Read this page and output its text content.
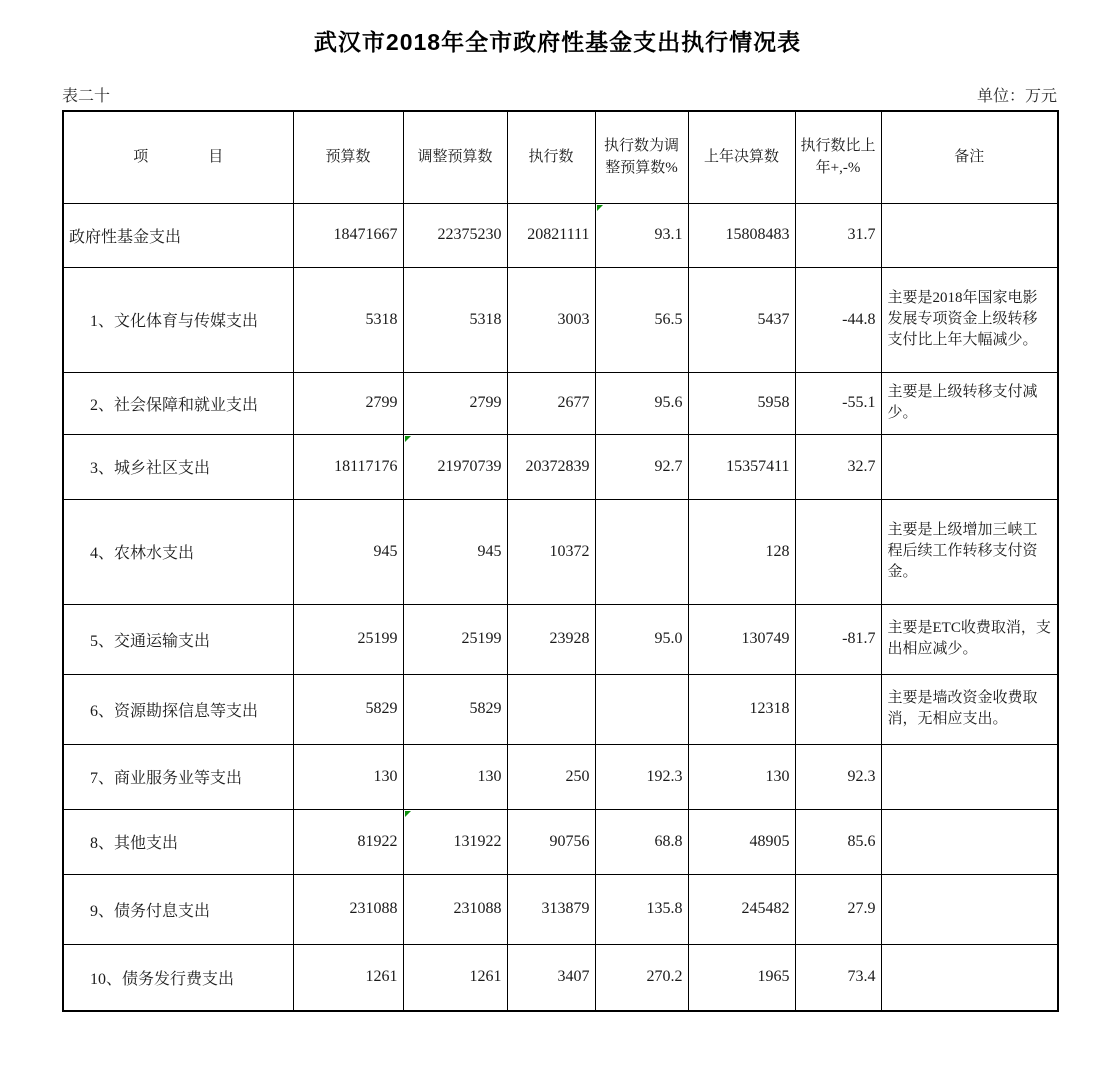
武汉市2018年全市政府性基金支出执行情况表
表二十	单位：万元
项　　　　目	预算数	调整预算数	执行数	执行数为调整预算数%	上年决算数	执行数比上年+,-%	备注
政府性基金支出	18471667	22375230	20821111	93.1	15808483	31.7	
1、文化体育与传媒支出	5318	5318	3003	56.5	5437	-44.8	主要是2018年国家电影发展专项资金上级转移支付比上年大幅减少。
2、社会保障和就业支出	2799	2799	2677	95.6	5958	-55.1	主要是上级转移支付减少。
3、城乡社区支出	18117176	21970739	20372839	92.7	15357411	32.7	
4、农林水支出	945	945	10372		128		主要是上级增加三峡工程后续工作转移支付资金。
5、交通运输支出	25199	25199	23928	95.0	130749	-81.7	主要是ETC收费取消，支出相应减少。
6、资源勘探信息等支出	5829	5829			12318		主要是墙改资金收费取消，无相应支出。
7、商业服务业等支出	130	130	250	192.3	130	92.3	
8、其他支出	81922	131922	90756	68.8	48905	85.6	
9、债务付息支出	231088	231088	313879	135.8	245482	27.9	
10、债务发行费支出	1261	1261	3407	270.2	1965	73.4	
